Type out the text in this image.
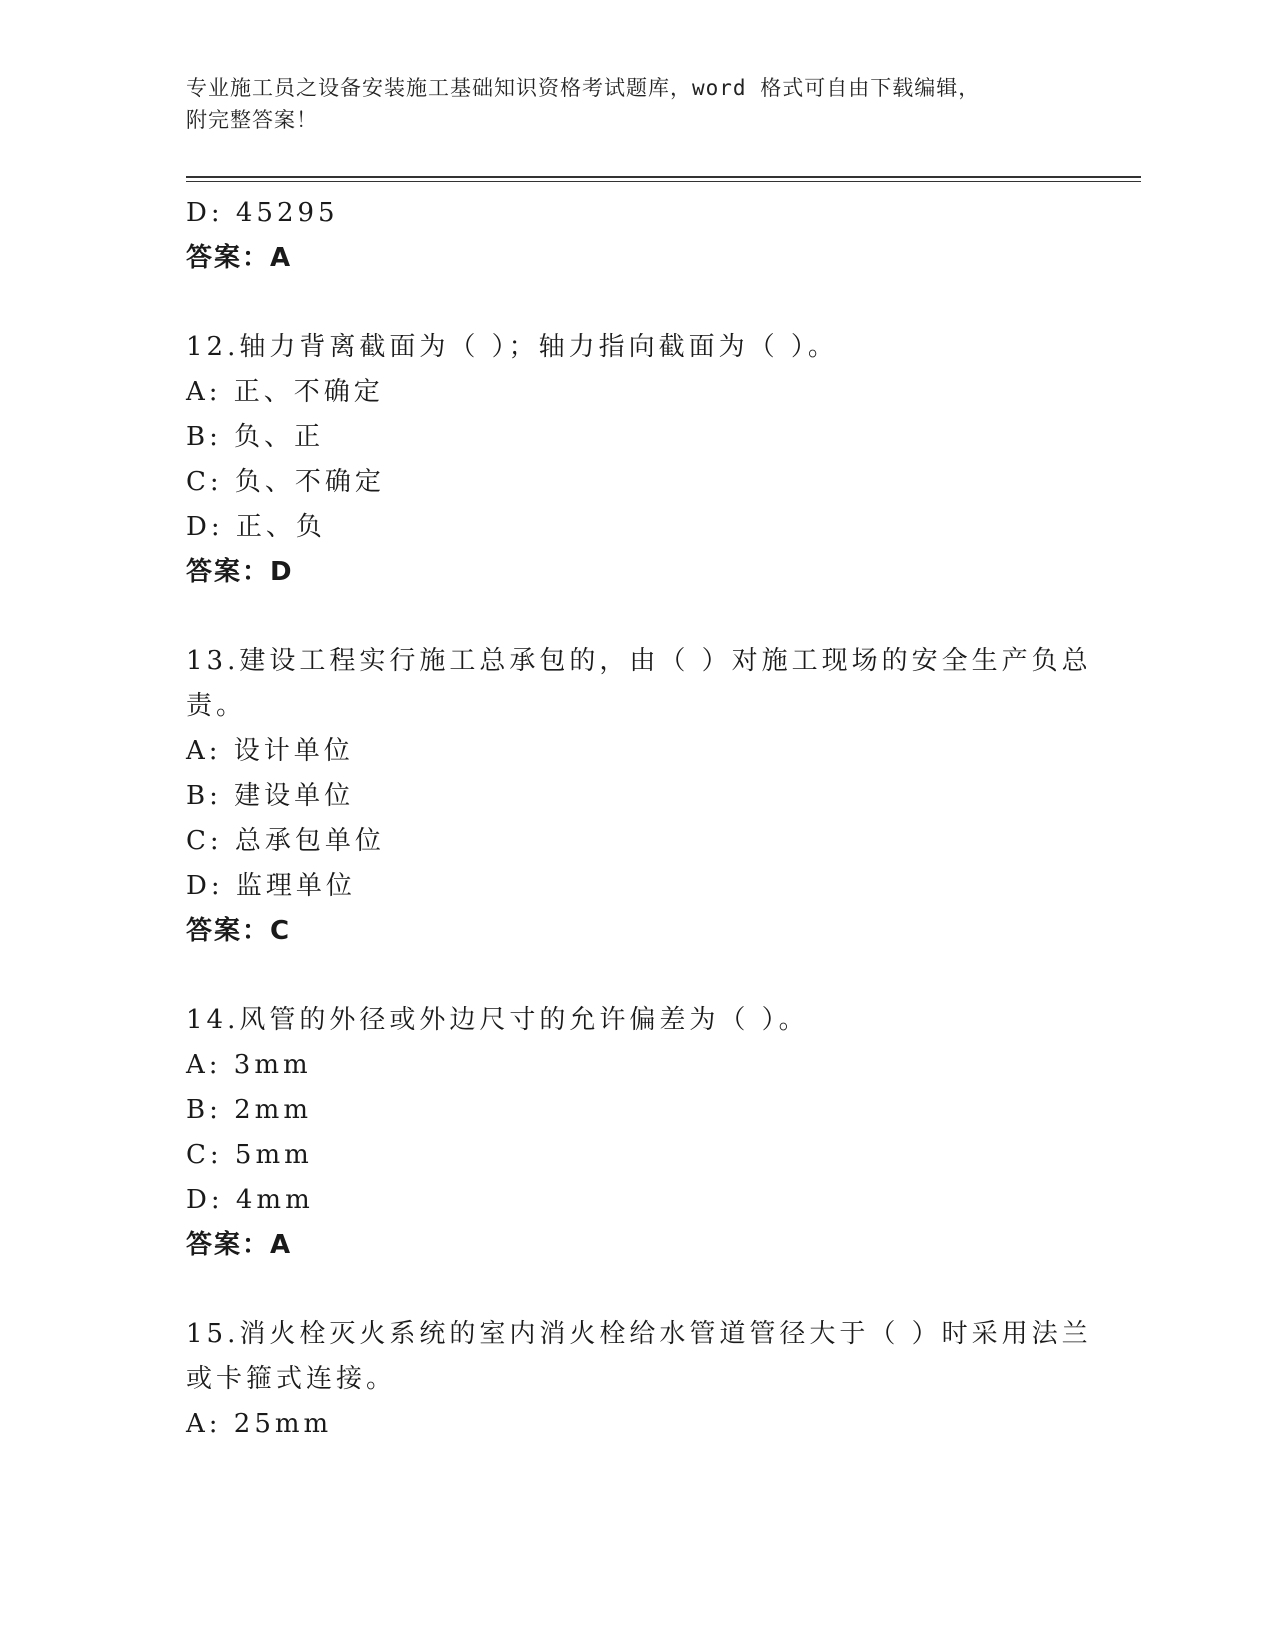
专业施工员之设备安装施工基础知识资格考试题库，word 格式可自由下载编辑，
附完整答案！
D: 45295
答案：A
12.轴力背离截面为（ ）；轴力指向截面为（ ）。
A: 正、不确定
B: 负、正
C: 负、不确定
D: 正、负
答案：D
13.建设工程实行施工总承包的，由（ ）对施工现场的安全生产负总
责。
A: 设计单位
B: 建设单位
C: 总承包单位
D: 监理单位
答案：C
14.风管的外径或外边尺寸的允许偏差为（ ）。
A: 3mm
B: 2mm
C: 5mm
D: 4mm
答案：A
15.消火栓灭火系统的室内消火栓给水管道管径大于（ ）时采用法兰
或卡箍式连接。
A: 25mm
